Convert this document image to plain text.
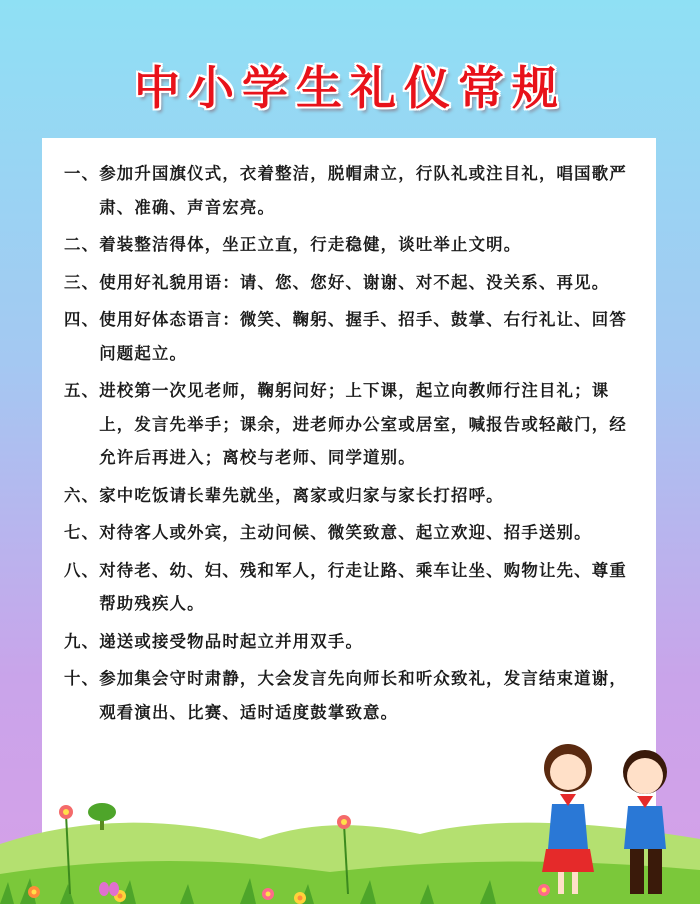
中小学生礼仪常规
一、 参加升国旗仪式，衣着整洁，脱帽肃立，行队礼或注目礼，唱国歌严肃、准确、声音宏亮。
二、 着装整洁得体，坐正立直，行走稳健，谈吐举止文明。
三、 使用好礼貌用语：请、您、您好、谢谢、对不起、没关系、再见。
四、 使用好体态语言：微笑、鞠躬、握手、招手、鼓掌、右行礼让、回答问题起立。
五、 进校第一次见老师，鞠躬问好；上下课，起立向教师行注目礼；课上，发言先举手；课余，进老师办公室或居室，喊报告或轻敲门，经允许后再进入；离校与老师、同学道别。
六、 家中吃饭请长辈先就坐，离家或归家与家长打招呼。
七、 对待客人或外宾，主动问候、微笑致意、起立欢迎、招手送别。
八、 对待老、幼、妇、残和军人，行走让路、乘车让坐、购物让先、尊重帮助残疾人。
九、 递送或接受物品时起立并用双手。
十、 参加集会守时肃静，大会发言先向师长和听众致礼，发言结束道谢，观看演出、比赛、适时适度鼓掌致意。
